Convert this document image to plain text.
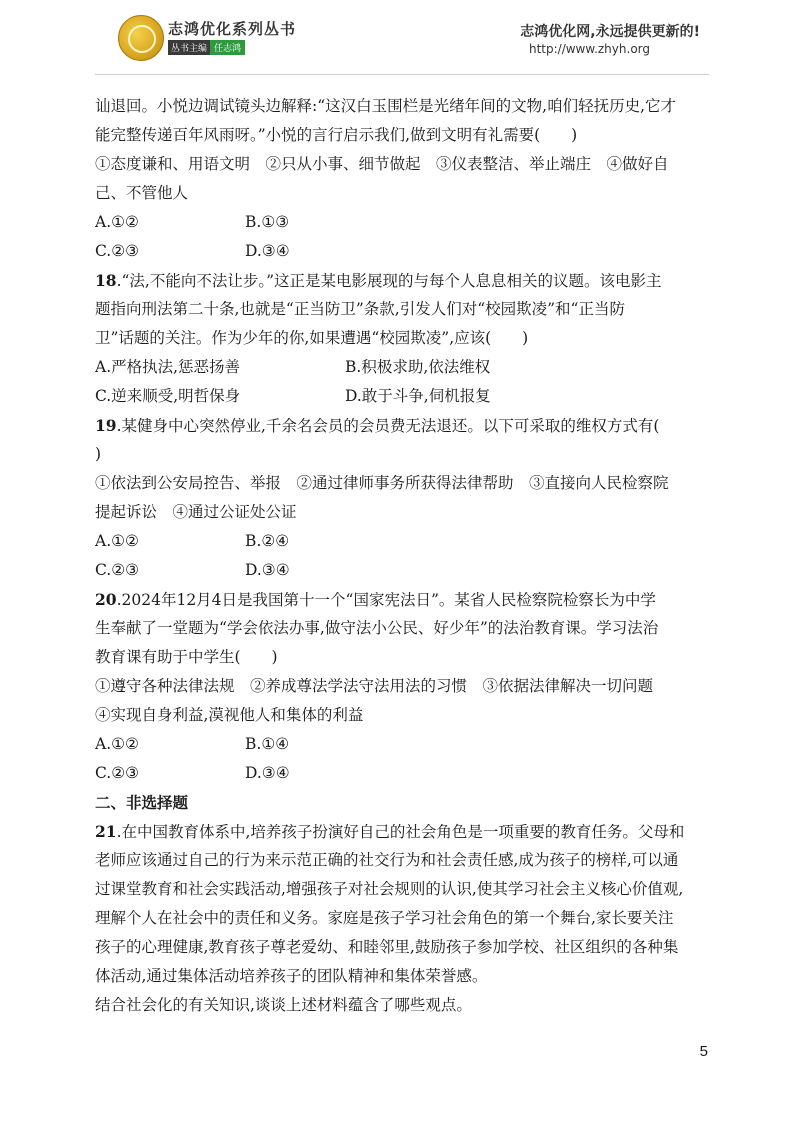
志鸿优化系列丛书
丛书主编 任志鸿
志鸿优化网,永远提供更新的!
http://www.zhyh.org
讪退回。小悦边调试镜头边解释:“这汉白玉围栏是光绪年间的文物,咱们轻抚历史,它才
能完整传递百年风雨呀。”小悦的言行启示我们,做到文明有礼需要(　　)
①态度谦和、用语文明　②只从小事、细节做起　③仪表整洁、举止端庄　④做好自
己、不管他人
A.①②	B.①③
C.②③	D.③④
18.“法,不能向不法让步。”这正是某电影展现的与每个人息息相关的议题。该电影主
题指向刑法第二十条,也就是“正当防卫”条款,引发人们对“校园欺凌”和“正当防
卫”话题的关注。作为少年的你,如果遭遇“校园欺凌”,应该(　　)
A.严格执法,惩恶扬善	B.积极求助,依法维权
C.逆来顺受,明哲保身	D.敢于斗争,伺机报复
19.某健身中心突然停业,千余名会员的会员费无法退还。以下可采取的维权方式有(
)
①依法到公安局控告、举报　②通过律师事务所获得法律帮助　③直接向人民检察院
提起诉讼　④通过公证处公证
A.①②	B.②④
C.②③	D.③④
20.2024年12月4日是我国第十一个“国家宪法日”。某省人民检察院检察长为中学
生奉献了一堂题为“学会依法办事,做守法小公民、好少年”的法治教育课。学习法治
教育课有助于中学生(　　)
①遵守各种法律法规　②养成尊法学法守法用法的习惯　③依据法律解决一切问题
④实现自身利益,漠视他人和集体的利益
A.①②	B.①④
C.②③	D.③④
二、非选择题
21.在中国教育体系中,培养孩子扮演好自己的社会角色是一项重要的教育任务。父母和
老师应该通过自己的行为来示范正确的社交行为和社会责任感,成为孩子的榜样,可以通
过课堂教育和社会实践活动,增强孩子对社会规则的认识,使其学习社会主义核心价值观,
理解个人在社会中的责任和义务。家庭是孩子学习社会角色的第一个舞台,家长要关注
孩子的心理健康,教育孩子尊老爱幼、和睦邻里,鼓励孩子参加学校、社区组织的各种集
体活动,通过集体活动培养孩子的团队精神和集体荣誉感。
结合社会化的有关知识,谈谈上述材料蕴含了哪些观点。
5
